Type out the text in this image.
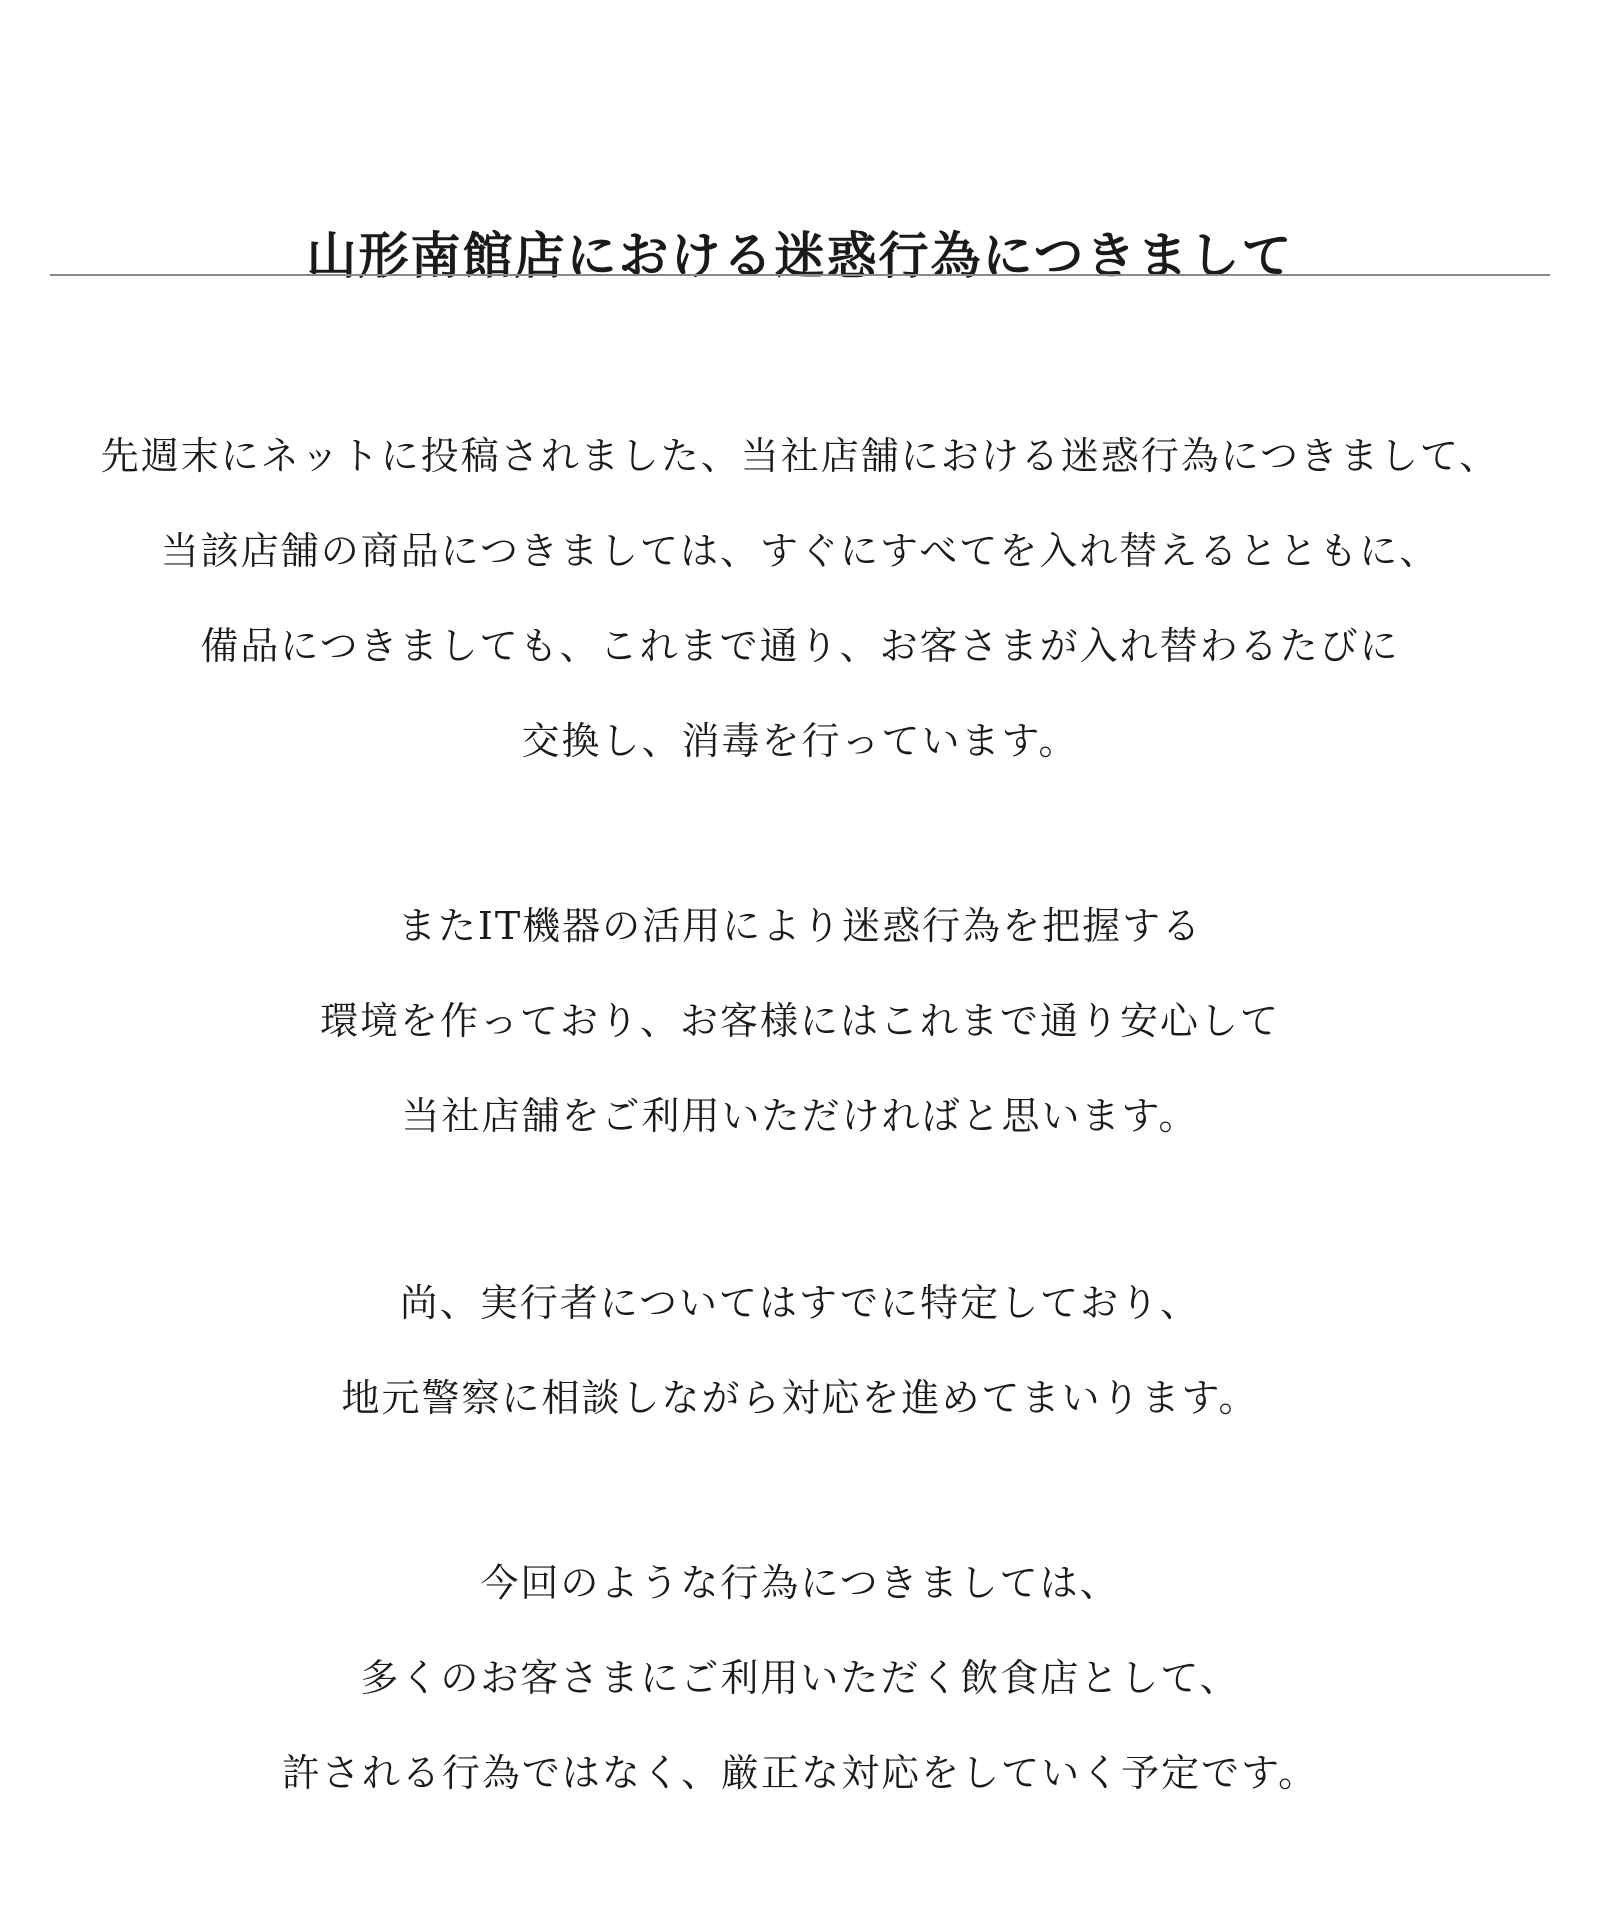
山形南館店における迷惑行為につきまして

先週末にネットに投稿されました、当社店舗における迷惑行為につきまして、

当該店舗の商品につきましては、すぐにすべてを入れ替えるとともに、

備品につきましても、これまで通り、お客さまが入れ替わるたびに

交換し、消毒を行っています。

またIT機器の活用により迷惑行為を把握する

環境を作っており、お客様にはこれまで通り安心して

当社店舗をご利用いただければと思います。

尚、実行者についてはすでに特定しており、

地元警察に相談しながら対応を進めてまいります。

今回のような行為につきましては、

多くのお客さまにご利用いただく飲食店として、

許される行為ではなく、厳正な対応をしていく予定です。
